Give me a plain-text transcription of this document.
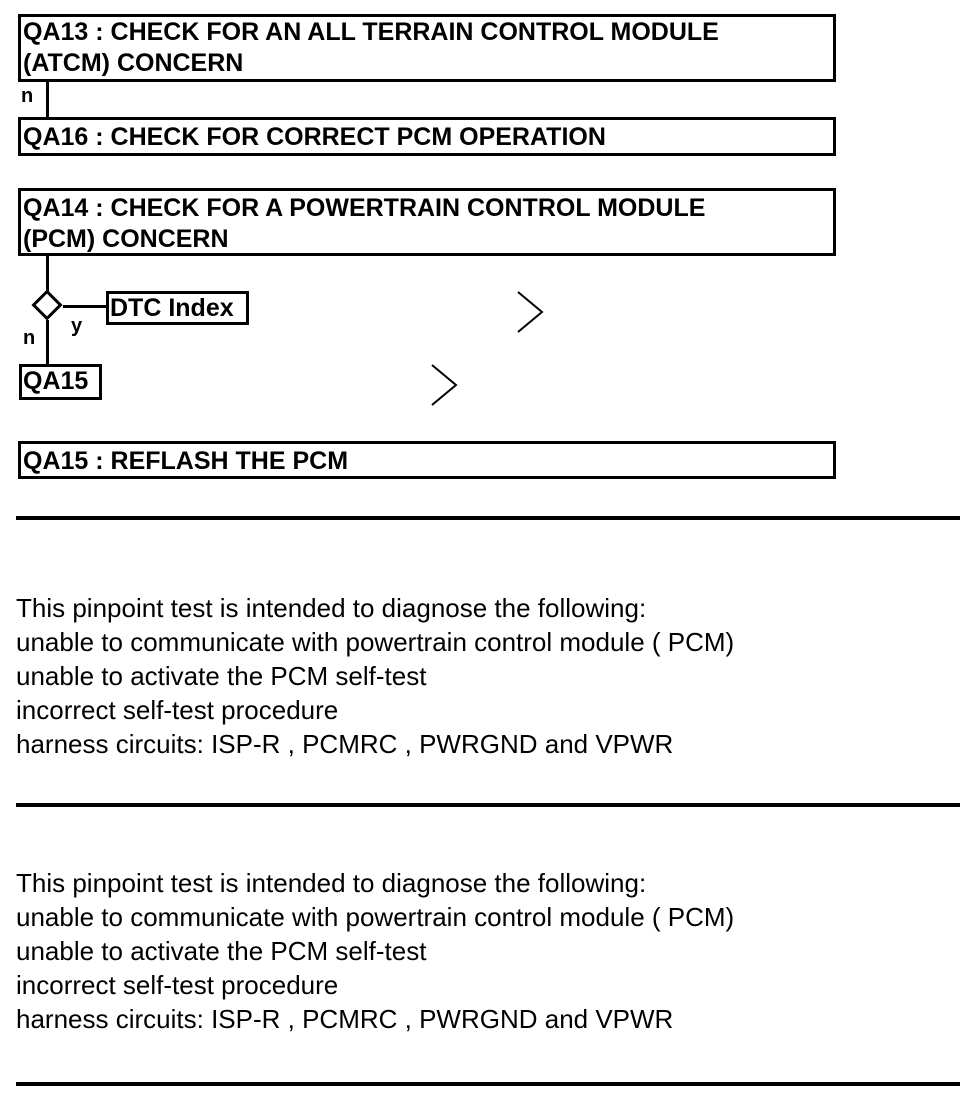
QA13 : CHECK FOR AN ALL TERRAIN CONTROL MODULE
(ATCM) CONCERN
n
QA16 : CHECK FOR CORRECT PCM OPERATION
QA14 : CHECK FOR A POWERTRAIN CONTROL MODULE
(PCM) CONCERN
y
n
DTC Index
QA15
QA15 : REFLASH THE PCM
This pinpoint test is intended to diagnose the following:
unable to communicate with powertrain control module ( PCM)
unable to activate the PCM self-test
incorrect self-test procedure
harness circuits: ISP-R , PCMRC , PWRGND and VPWR
This pinpoint test is intended to diagnose the following:
unable to communicate with powertrain control module ( PCM)
unable to activate the PCM self-test
incorrect self-test procedure
harness circuits: ISP-R , PCMRC , PWRGND and VPWR
